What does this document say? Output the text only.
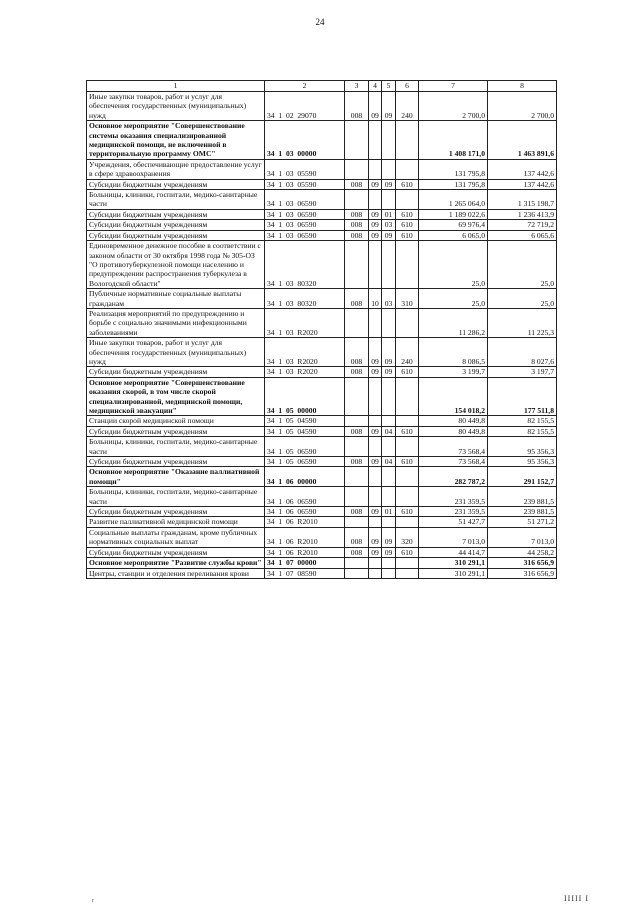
24
1	2	3	4	5	6	7	8
Иные закупки товаров, работ и услуг для обеспечения государственных (муниципальных) нужд	34  1  02  29070	008	09	09	240	2 700,0	2 700,0
Основное мероприятие "Совершенствование системы оказания специализированной медицинской помощи, не включенной в территориальную программу ОМС"	34  1  03  00000					1 408 171,0	1 463 891,6
Учреждения, обеспечивающие предоставление услуг в сфере здравоохранения	34  1  03  05590					131 795,8	137 442,6
Субсидии бюджетным учреждениям	34  1  03  05590	008	09	09	610	131 795,8	137 442,6
Больницы, клиники, госпитали, медико-санитарные части	34  1  03  06590					1 265 064,0	1 315 198,7
Субсидии бюджетным учреждениям	34  1  03  06590	008	09	01	610	1 189 022,6	1 236 413,9
Субсидии бюджетным учреждениям	34  1  03  06590	008	09	03	610	69 976,4	72 719,2
Субсидии бюджетным учреждениям	34  1  03  06590	008	09	09	610	6 065,0	6 065,6
Единовременное денежное пособие в соответствии с законом области от 30 октября 1998 года № 305-ОЗ "О противотуберкулезной помощи населению и предупреждении распространения туберкулеза в Вологодской области"	34  1  03  80320					25,0	25,0
Публичные нормативные социальные выплаты гражданам	34  1  03  80320	008	10	03	310	25,0	25,0
Реализация мероприятий по предупреждению и борьбе с социально значимыми инфекционными заболеваниями	34  1  03  R2020					11 286,2	11 225,3
Иные закупки товаров, работ и услуг для обеспечения государственных (муниципальных) нужд	34  1  03  R2020	008	09	09	240	8 086,5	8 027,6
Субсидии бюджетным учреждениям	34  1  03  R2020	008	09	09	610	3 199,7	3 197,7
Основное мероприятие "Совершенствование оказания скорой, в том числе скорой специализированной, медицинской помощи, медицинской эвакуации"	34  1  05  00000					154 018,2	177 511,8
Станции скорой медицинской помощи	34  1  05  04590					80 449,8	82 155,5
Субсидии бюджетным учреждениям	34  1  05  04590	008	09	04	610	80 449,8	82 155,5
Больницы, клиники, госпитали, медико-санитарные части	34  1  05  06590					73 568,4	95 356,3
Субсидии бюджетным учреждениям	34  1  05  06590	008	09	04	610	73 568,4	95 356,3
Основное мероприятие "Оказание паллиативной помощи"	34  1  06  00000					282 787,2	291 152,7
Больницы, клиники, госпитали, медико-санитарные части	34  1  06  06590					231 359,5	239 881,5
Субсидии бюджетным учреждениям	34  1  06  06590	008	09	01	610	231 359,5	239 881,5
Развитие паллиативной медицинской помощи	34  1  06  R2010					51 427,7	51 271,2
Социальные выплаты гражданам, кроме публичных нормативных социальных выплат	34  1  06  R2010	008	09	09	320	7 013,0	7 013,0
Субсидии бюджетным учреждениям	34  1  06  R2010	008	09	09	610	44 414,7	44 258,2
Основное мероприятие "Развитие службы крови"	34  1  07  00000					310 291,1	316 656,9
Центры, станции и отделения переливания крови	34  1  07  08590					310 291,1	316 656,9
r	IIIII I
